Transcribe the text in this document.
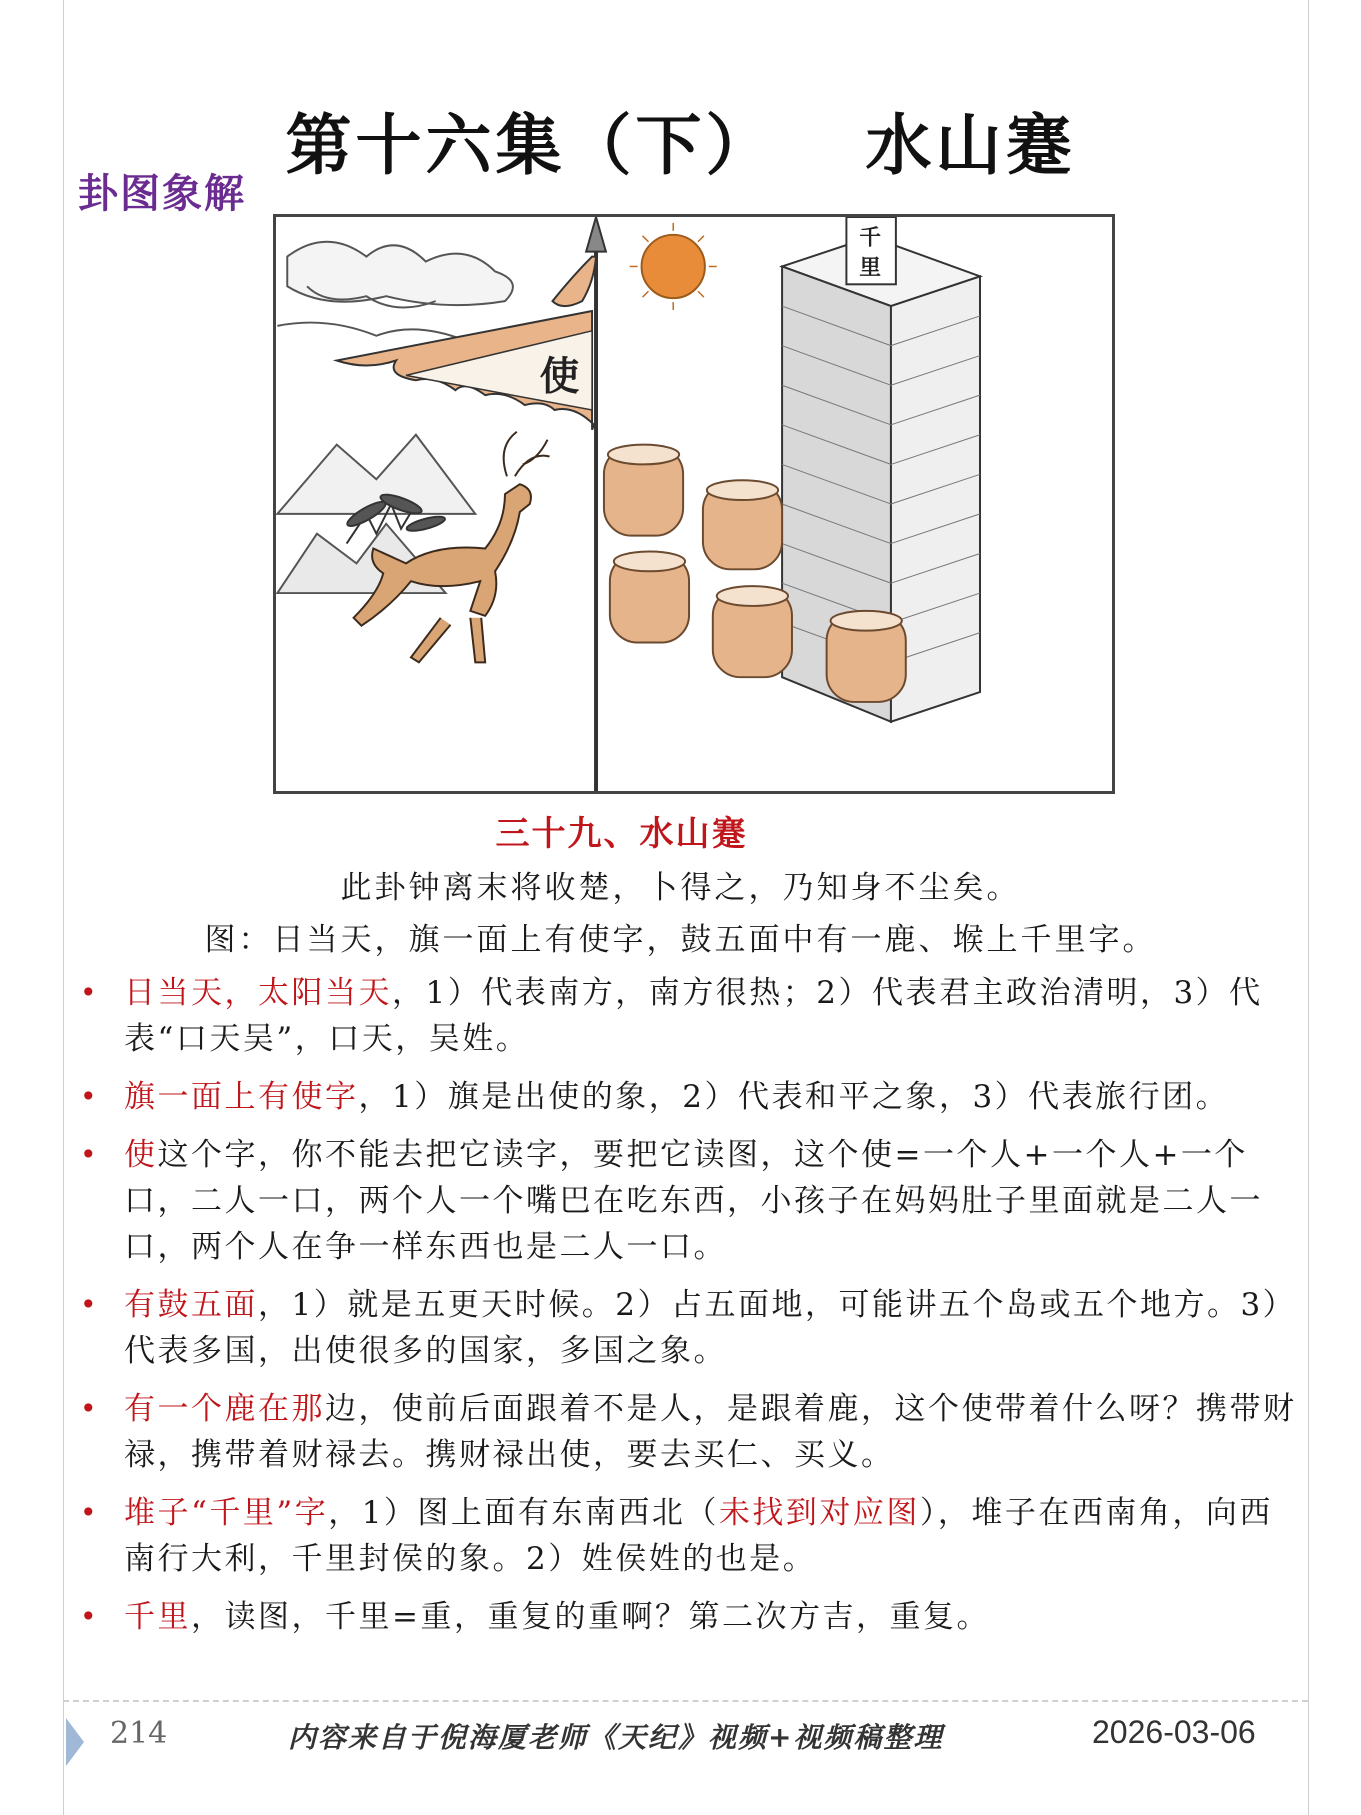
第十六集（下） 水山蹇
卦图象解
使
千
里
三十九、水山蹇
此卦钟离末将收楚，卜得之，乃知身不尘矣。
图：日当天，旗一面上有使字，鼓五面中有一鹿、堠上千里字。
• 日当天，太阳当天，1）代表南方，南方很热；2）代表君主政治清明，3）代表“口天吴”，口天，吴姓。
• 旗一面上有使字，1）旗是出使的象，2）代表和平之象，3）代表旅行团。
• 使这个字，你不能去把它读字，要把它读图，这个使=一个人+一个人+一个口，二人一口，两个人一个嘴巴在吃东西，小孩子在妈妈肚子里面就是二人一口，两个人在争一样东西也是二人一口。
• 有鼓五面，1）就是五更天时候。2）占五面地，可能讲五个岛或五个地方。3）代表多国，出使很多的国家，多国之象。
• 有一个鹿在那边，使前后面跟着不是人，是跟着鹿，这个使带着什么呀？携带财禄，携带着财禄去。携财禄出使，要去买仁、买义。
• 堆子“千里”字，1）图上面有东南西北（未找到对应图），堆子在西南角，向西南行大利，千里封侯的象。2）姓侯姓的也是。
• 千里，读图，千里=重，重复的重啊？第二次方吉，重复。
214	内容来自于倪海厦老师《天纪》视频+视频稿整理	2026-03-06
